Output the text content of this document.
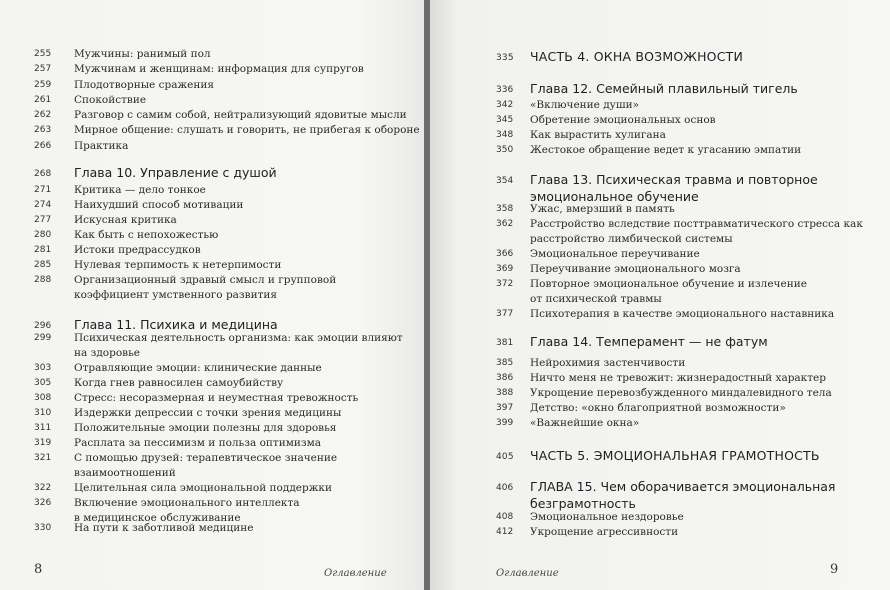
255	Мужчины: ранимый пол
257	Мужчинам и женщинам: информация для супругов
259	Плодотворные сражения
261	Спокойствие
262	Разговор с самим собой, нейтрализующий ядовитые мысли
263	Мирное общение: слушать и говорить, не прибегая к обороне
266	Практика
268	Глава 10. Управление с душой
271	Критика — дело тонкое
274	Наихудший способ мотивации
277	Искусная критика
280	Как быть с непохожестью
281	Истоки предрассудков
285	Нулевая терпимость к нетерпимости
288	Организационный здравый смысл и групповой
коэффициент умственного развития
296	Глава 11. Психика и медицина
299	Психическая деятельность организма: как эмоции влияют
на здоровье
303	Отравляющие эмоции: клинические данные
305	Когда гнев равносилен самоубийству
308	Стресс: несоразмерная и неуместная тревожность
310	Издержки депрессии с точки зрения медицины
311	Положительные эмоции полезны для здоровья
319	Расплата за пессимизм и польза оптимизма
321	С помощью друзей: терапевтическое значение
взаимоотношений
322	Целительная сила эмоциональной поддержки
326	Включение эмоционального интеллекта
в медицинское обслуживание
330	На пути к заботливой медицине
Оглавление
8
335	ЧАСТЬ 4. ОКНА ВОЗМОЖНОСТИ
336	Глава 12. Семейный плавильный тигель
342	«Включение души»
345	Обретение эмоциональных основ
348	Как вырастить хулигана
350	Жестокое обращение ведет к угасанию эмпатии
354	Глава 13. Психическая травма и повторное
эмоциональное обучение
358	Ужас, вмерзший в память
362	Расстройство вследствие посттравматического стресса как
расстройство лимбической системы
366	Эмоциональное переучивание
369	Переучивание эмоционального мозга
372	Повторное эмоциональное обучение и излечение
от психической травмы
377	Психотерапия в качестве эмоционального наставника
381	Глава 14. Темперамент — не фатум
385	Нейрохимия застенчивости
386	Ничто меня не тревожит: жизнерадостный характер
388	Укрощение перевозбужденного миндалевидного тела
397	Детство: «окно благоприятной возможности»
399	«Важнейшие окна»
405	ЧАСТЬ 5. ЭМОЦИОНАЛЬНАЯ ГРАМОТНОСТЬ
406	ГЛАВА 15. Чем оборачивается эмоциональная
безграмотность
408	Эмоциональное нездоровье
412	Укрощение агрессивности
Оглавление	9
